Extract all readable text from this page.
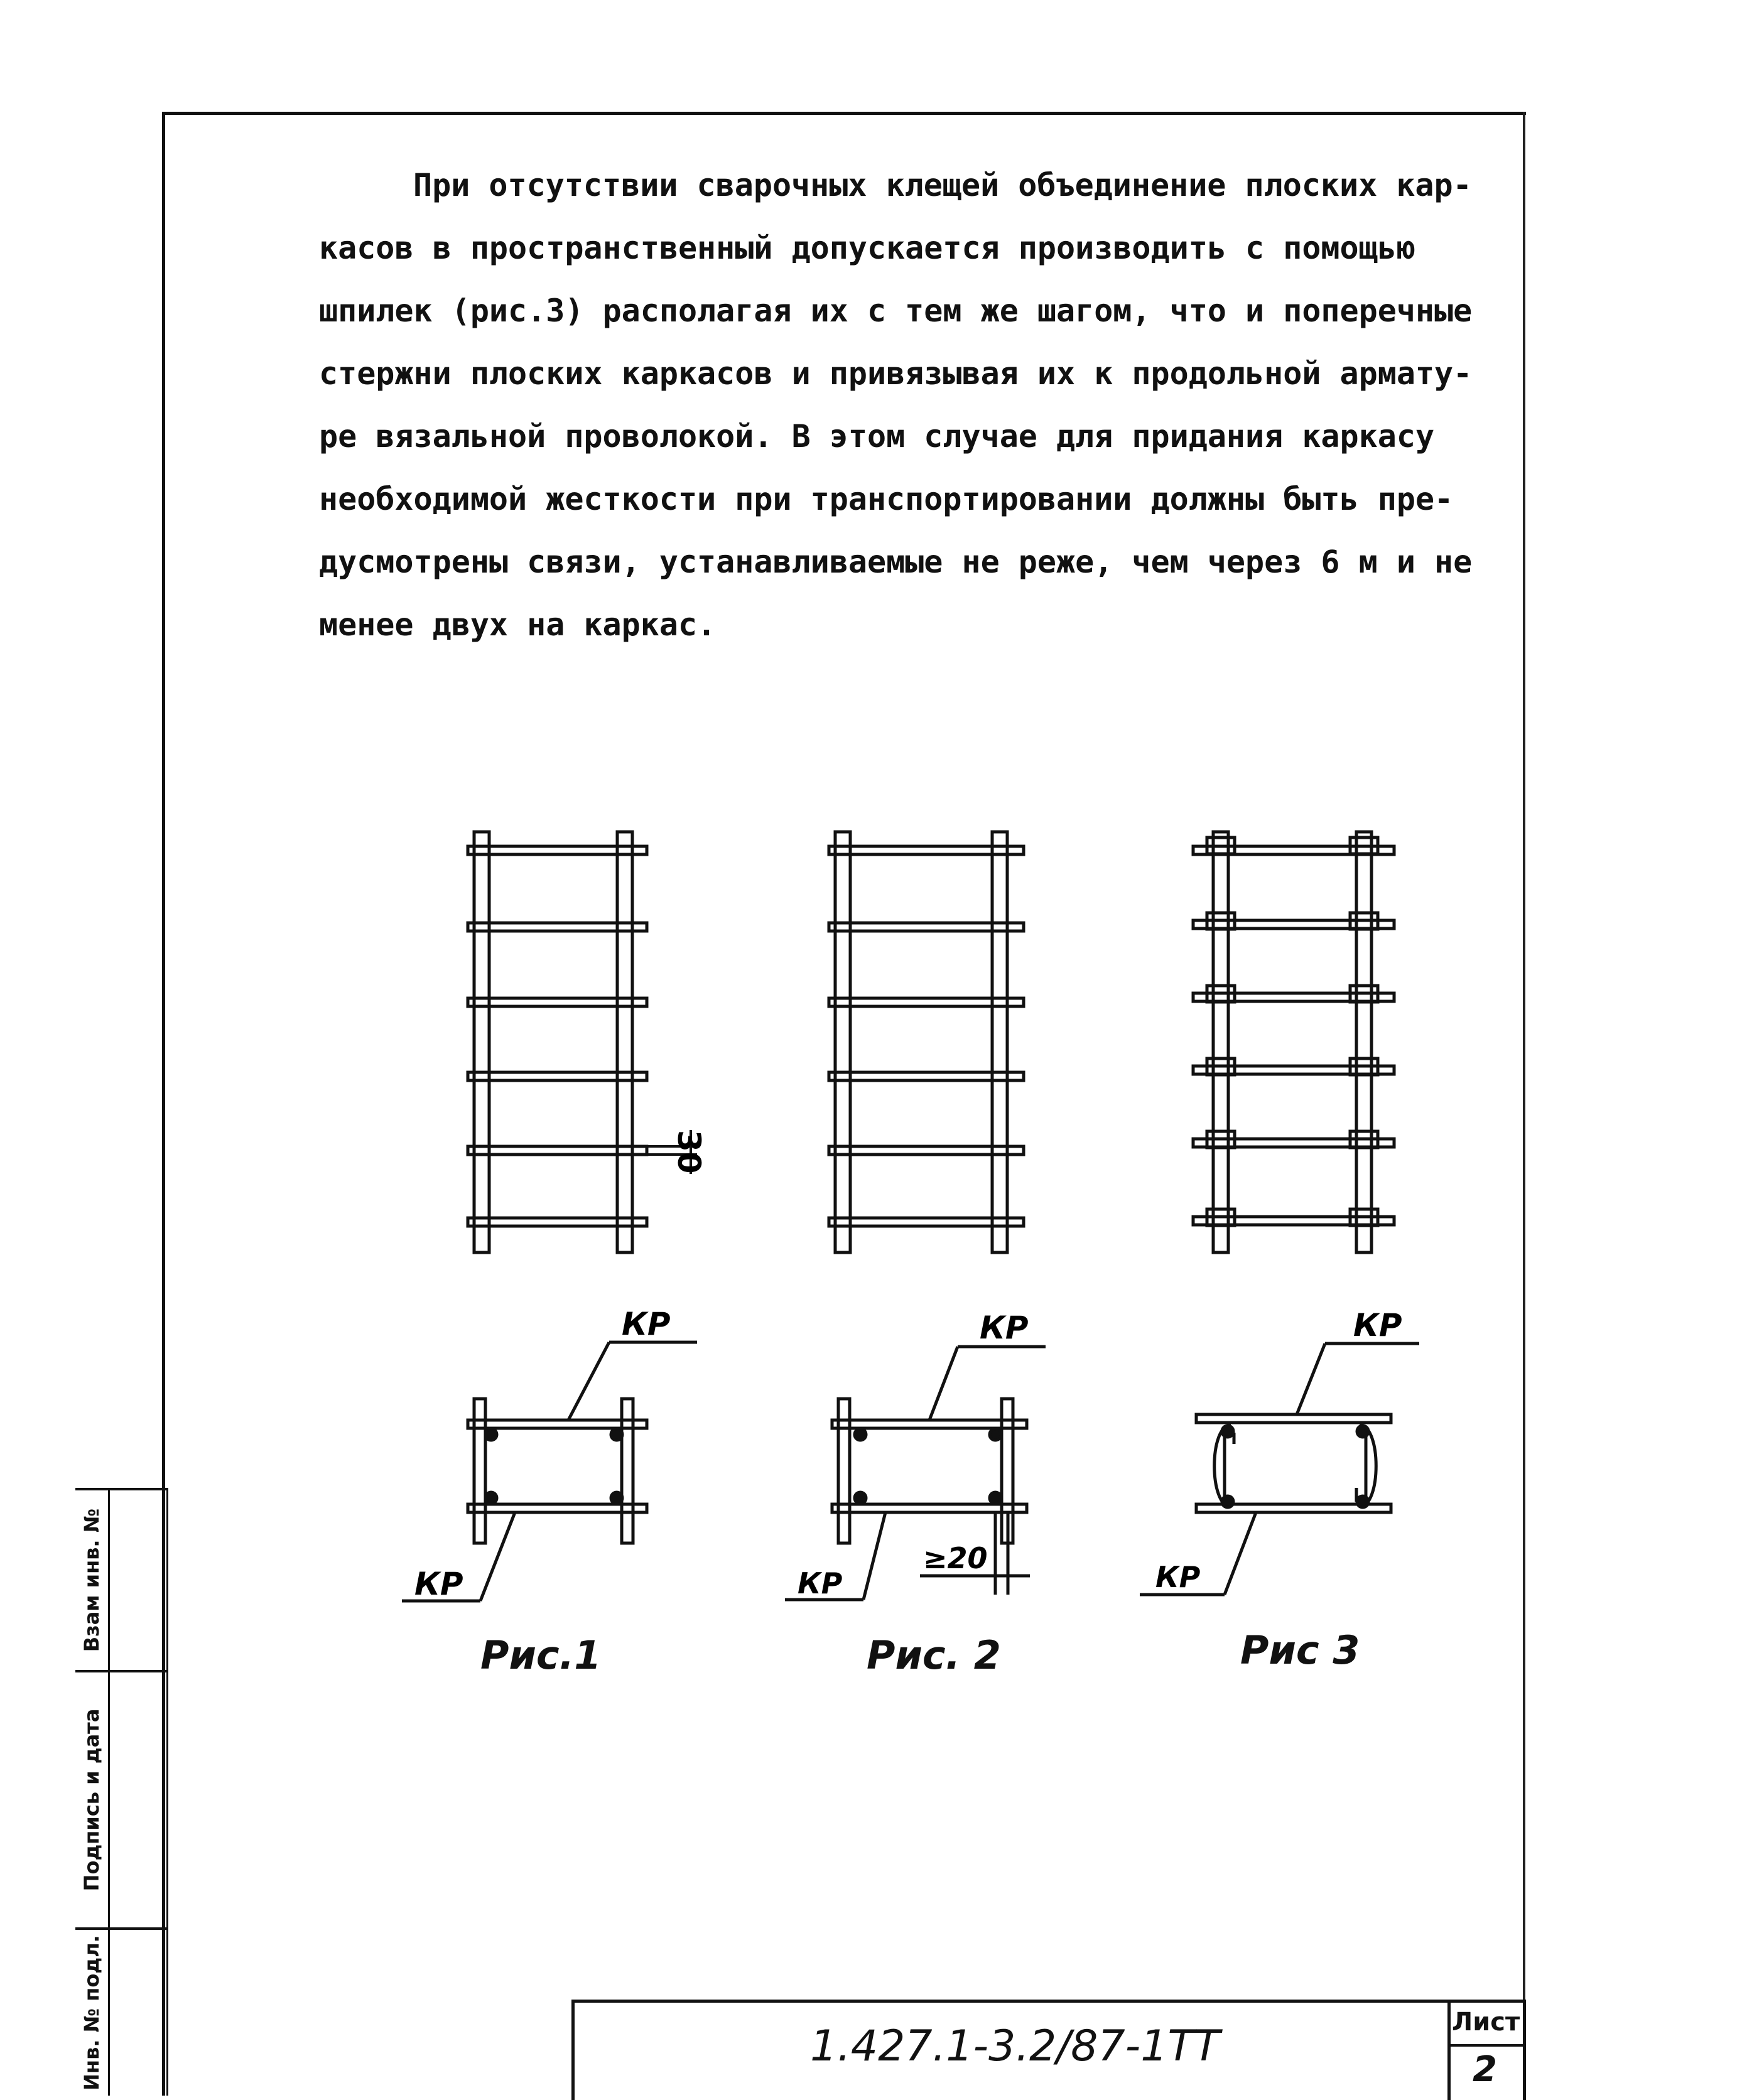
При отсутствии сварочных клещей объединение плоских кар-
касов в пространственный допускается производить с помощью
шпилек (рис.3) располагая их с тем же шагом, что и поперечные
стержни плоских каркасов и привязывая их к продольной армату-
ре вязальной проволокой. В этом случае для придания каркасу
необходимой жесткости при транспортировании должны быть пре-
дусмотрены связи, устанавливаемые не реже, чем через 6 м и не
менее двух на каркас.
30
КР
КР
КР
КР
≥20
КР
КР
Рис.1	Рис. 2	Рис 3
Взам инв. №
Подпись и дата
Инв. № подл.	1.427.1-3.2/87-1ТТ	Лист
2
